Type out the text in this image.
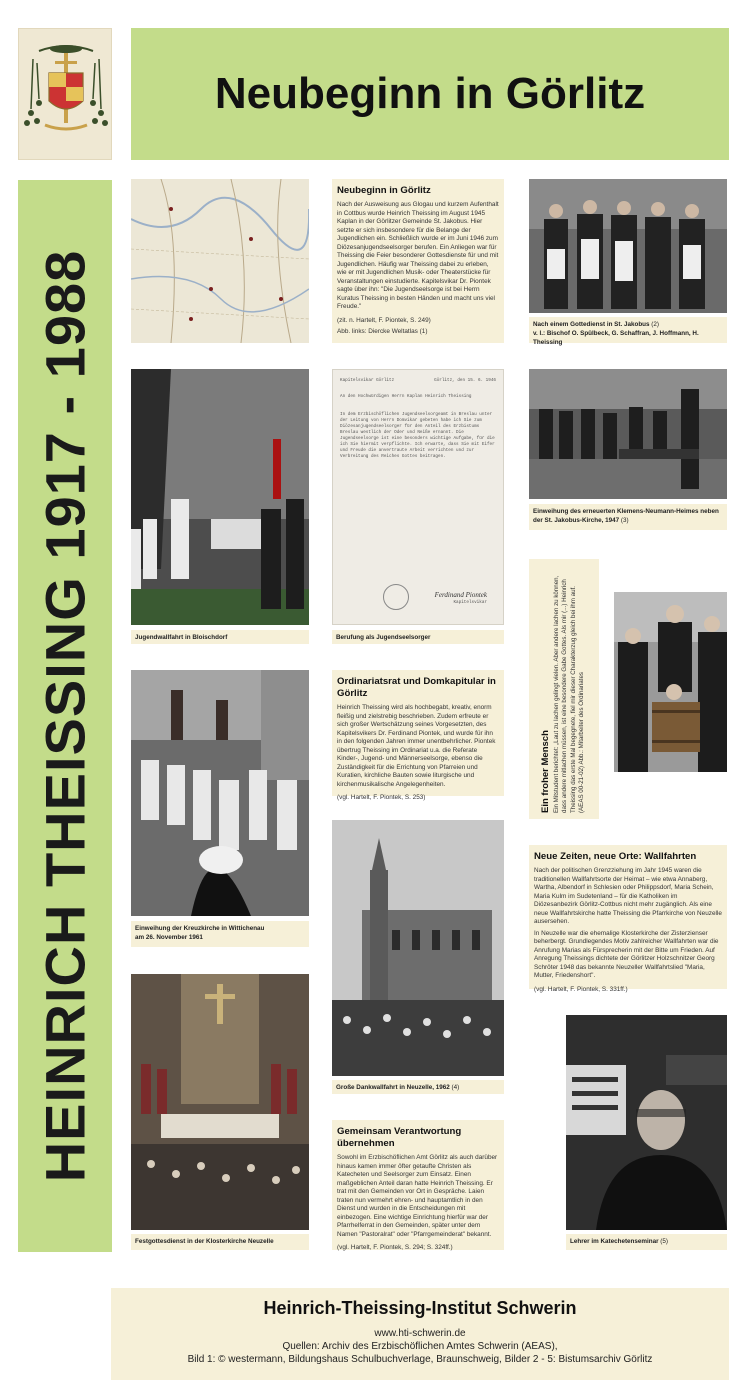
Neubeginn in Görlitz
HEINRICH THEISSING 1917 - 1988
Neubeginn in Görlitz

Nach der Ausweisung aus Glogau und kurzem Aufenthalt in Cottbus wurde Heinrich Theissing im August 1945 Kaplan in der Görlitzer Gemeinde St. Jakobus. Hier setzte er sich insbesondere für die Belange der Jugendlichen ein. Schließlich wurde er im Juni 1946 zum Diözesanjugendseelsorger berufen. Ein Anliegen war für Theissing die Feier besonderer Gottesdienste für und mit Jugendlichen. Häufig war Theissing dabei zu erleben, wie er mit Jugendlichen Musik- oder Theaterstücke für Veranstaltungen einstudierte. Kapitelsvikar Dr. Piontek sagte über ihn: "Die Jugendseelsorge ist bei Herrn Kuratus Theissing in besten Händen und macht uns viel Freude."

(zit. n. Hartelt, F. Piontek, S. 249)

Abb. links: Diercke Weltatlas (1)

Nach einem Gottedienst in St. Jakobus (2)
v. l.: Bischof O. Spülbeck, G. Schaffran, J. Hoffmann, H. Theissing
Jugendwallfahrt in Bloischdorf
Kapitelsvikar Görlitz	Görlitz, den 15. 6. 1946
An den Hochwürdigen Herrn Kaplan Heinrich Theissing
In dem Erzbischöflichen Jugendseelsorgeamt in Breslau unter der Leitung von Herrn Domvikar gebeten habe ich Sie zum Diözesanjugendseelsorger für den Anteil des Erzbistums Breslau westlich der Oder und Neiße ernannt. Die Jugendseelsorge ist eine besonders wichtige Aufgabe, für die ich Sie hiermit verpflichte. Ich erwarte, dass Sie mit Eifer und Freude die anvertraute Arbeit verrichten und zur Verbreitung des Reiches Gottes beitragen.
Ferdinand Piontek
Kapitelsvikar
Berufung als Jugendseelsorger
Einweihung des erneuerten Klemens-Neumann-Heimes neben
der St. Jakobus-Kirche, 1947 (3)
Ein froher Mensch Ein Mitstudent berichtet: „Laut zu lachen gelingt vielen. Aber andere lachen zu können, dass andere mitlachen müssen, ist eine besondere Gabe Gottes. Als mir (...) Heinrich Theissing das erste Mal begegnete, fiel mir dieser Charakterzug gleich bei ihm auf. (AEAS 00-21-02) Abb.: Mitarbeiter des Ordinariates

Einweihung der Kreuzkirche in Wittichenau
am 26. November 1961
Ordinariatsrat und Domkapitular in Görlitz

Heinrich Theissing wird als hochbegabt, kreativ, enorm fleißig und zielstrebig beschrieben. Zudem erfreute er sich großer Wertschätzung seines Vorgesetzten, des Kapitelsvikers Dr. Ferdinand Piontek, und wurde für ihn in den folgenden Jahren immer unentbehrlicher. Piontek übertrug Theissing im Ordinariat u.a. die Referate Kinder-, Jugend- und Männerseelsorge, ebenso die Zuständigkeit für die Errichtung von Pfarreien und Kuratien, kirchliche Bauten sowie liturgische und kirchenmusikalische Angelegenheiten.

(vgl. Hartelt, F. Piontek, S. 253)

Große Dankwallfahrt in Neuzelle, 1962 (4)
Neue Zeiten, neue Orte: Wallfahrten

Nach der politischen Grenzziehung im Jahr 1945 waren die traditionellen Wallfahrtsorte der Heimat – wie etwa Annaberg, Wartha, Albendorf in Schlesien oder Philippsdorf, Maria Schein, Maria Kulm im Sudetenland – für die Katholiken im Diözesanbezirk Görlitz-Cottbus nicht mehr zugänglich. Als eine neue Wallfahrtskirche hatte Theissing die Pfarrkirche von Neuzelle ausersehen.

In Neuzelle war die ehemalige Klosterkirche der Zisterzienser beherbergt. Grundlegendes Motiv zahlreicher Wallfahrten war die Anrufung Marias als Fürsprecherin mit der Bitte um Frieden. Auf Anregung Theissings dichtete der Görlitzer Holzschnitzer Georg Schröter 1948 das bekannte Neuzeller Wallfahrtslied "Maria, Mutter, Friedenshort".

(vgl. Hartelt, F. Piontek, S. 331ff.)

Festgottesdienst in der Klosterkirche Neuzelle
Gemeinsam Verantwortung übernehmen

Sowohl im Erzbischöflichen Amt Görlitz als auch darüber hinaus kamen immer öfter getaufte Christen als Katecheten und Seelsorger zum Einsatz. Einen maßgeblichen Anteil daran hatte Heinrich Theissing. Er trat mit den Gemeinden vor Ort in Gespräche. Laien traten nun vermehrt ehren- und hauptamtlich in den Dienst und wurden in die Entscheidungen mit einbezogen. Eine wichtige Einrichtung hierfür war der Pfarrhelferrat in den Gemeinden, später unter dem Namen "Pastoralrat" oder "Pfarrgemeinderat" bekannt.

(vgl. Hartelt, F. Piontek, S. 294; S. 324ff.)

Lehrer im Katechetenseminar (5)
Heinrich-Theissing-Institut Schwerin
www.hti-schwerin.de
Quellen: Archiv des Erzbischöflichen Amtes Schwerin (AEAS),
Bild 1: © westermann, Bildungshaus Schulbuchverlage, Braunschweig, Bilder 2 - 5: Bistumsarchiv Görlitz
